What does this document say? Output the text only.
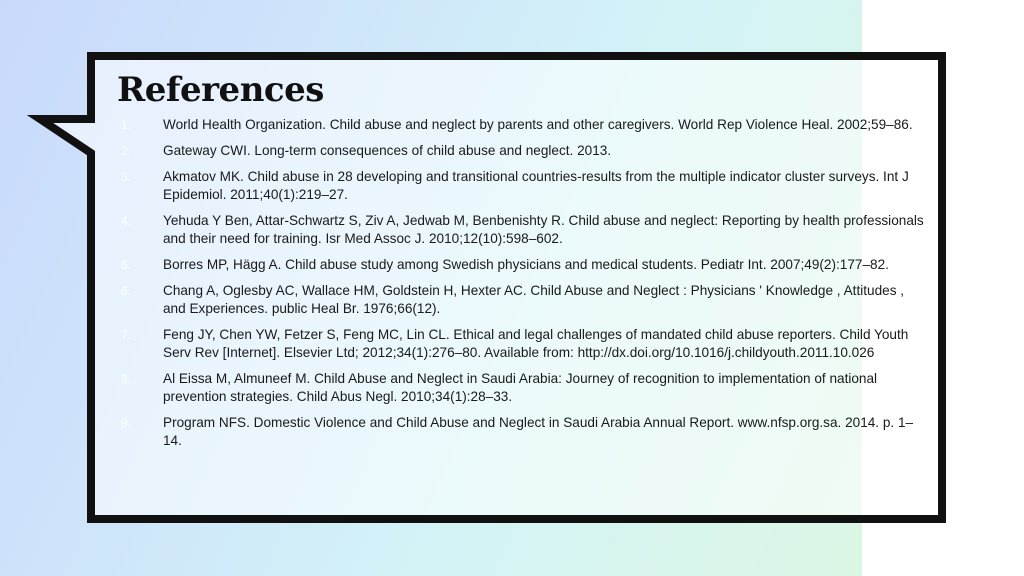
References
1.	World Health Organization. Child abuse and neglect by parents and other caregivers. World Rep Violence Heal. 2002;59–86.
2.	Gateway CWI. Long-term consequences of child abuse and neglect. 2013.
3.	Akmatov MK. Child abuse in 28 developing and transitional countries-results from the multiple indicator cluster surveys. Int J Epidemiol. 2011;40(1):219–27.
4.	Yehuda Y Ben, Attar-Schwartz S, Ziv A, Jedwab M, Benbenishty R. Child abuse and neglect: Reporting by health professionals and their need for training. Isr Med Assoc J. 2010;12(10):598–602.
5.	Borres MP, Hägg A. Child abuse study among Swedish physicians and medical students. Pediatr Int. 2007;49(2):177–82.
6.	Chang A, Oglesby AC, Wallace HM, Goldstein H, Hexter AC. Child Abuse and Neglect : Physicians ' Knowledge , Attitudes , and Experiences. public Heal Br. 1976;66(12).
7.	Feng JY, Chen YW, Fetzer S, Feng MC, Lin CL. Ethical and legal challenges of mandated child abuse reporters. Child Youth Serv Rev [Internet]. Elsevier Ltd; 2012;34(1):276–80. Available from: http://dx.doi.org/10.1016/j.childyouth.2011.10.026
8.	Al Eissa M, Almuneef M. Child Abuse and Neglect in Saudi Arabia: Journey of recognition to implementation of national prevention strategies. Child Abus Negl. 2010;34(1):28–33.
9.	Program NFS. Domestic Violence and Child Abuse and Neglect in Saudi Arabia Annual Report. www.nfsp.org.sa. 2014. p. 1–14.
